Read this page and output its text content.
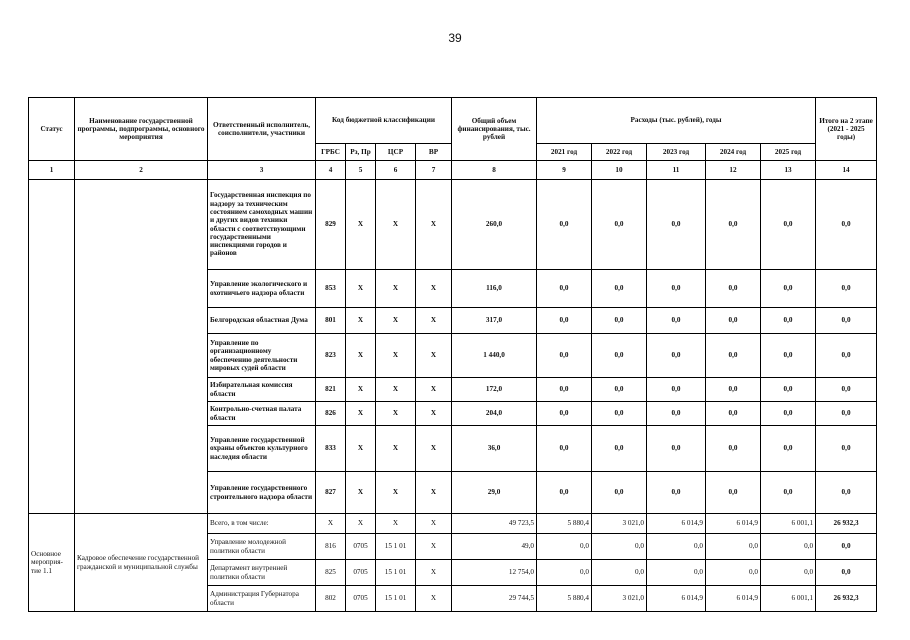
39
Статус	Наименование государственной программы, подпрограммы, основного мероприятия	Ответственный исполнитель, соисполнители, участники	Код бюджетной классификации				Общий объем финансирования, тыс. рублей	Расходы (тыс. рублей), годы					Итого на 2 этапе (2021 - 2025 годы)
			ГРБС	Рз, Пр	ЦСР	ВР		2021 год	2022 год	2023 год	2024 год	2025 год	
1	2	3	4	5	6	7	8	9	10	11	12	13	14
		Государственная инспекция по надзору за техническим состоянием самоходных машин и других видов техники области с соответствующими государственными инспекциями городов и районов	829	Х	Х	Х	260,0	0,0	0,0	0,0	0,0	0,0	0,0
		Управление экологического и охотничьего надзора области	853	Х	Х	Х	116,0	0,0	0,0	0,0	0,0	0,0	0,0
		Белгородская областная Дума	801	Х	Х	Х	317,0	0,0	0,0	0,0	0,0	0,0	0,0
		Управление по организационному обеспечению деятельности мировых судей области	823	Х	Х	Х	1 440,0	0,0	0,0	0,0	0,0	0,0	0,0
		Избирательная комиссия области	821	Х	Х	Х	172,0	0,0	0,0	0,0	0,0	0,0	0,0
		Контрольно-счетная палата области	826	Х	Х	Х	204,0	0,0	0,0	0,0	0,0	0,0	0,0
		Управление государственной охраны объектов культурного наследия области	833	Х	Х	Х	36,0	0,0	0,0	0,0	0,0	0,0	0,0
		Управление государственного строительного надзора области	827	Х	Х	Х	29,0	0,0	0,0	0,0	0,0	0,0	0,0
Основное мероприя-тие 1.1	Кадровое обеспечение государственной гражданской и муниципальной службы	Всего, в том числе:	Х	Х	Х	Х	49 723,5	5 880,4	3 021,0	6 014,9	6 014,9	6 001,1	26 932,3
		Управление молодежной политики области	816	0705	15 1 01	Х	49,0	0,0	0,0	0,0	0,0	0,0	0,0
		Департамент внутренней политики области	825	0705	15 1 01	Х	12 754,0	0,0	0,0	0,0	0,0	0,0	0,0
		Администрация Губернатора области	802	0705	15 1 01	Х	29 744,5	5 880,4	3 021,0	6 014,9	6 014,9	6 001,1	26 932,3
